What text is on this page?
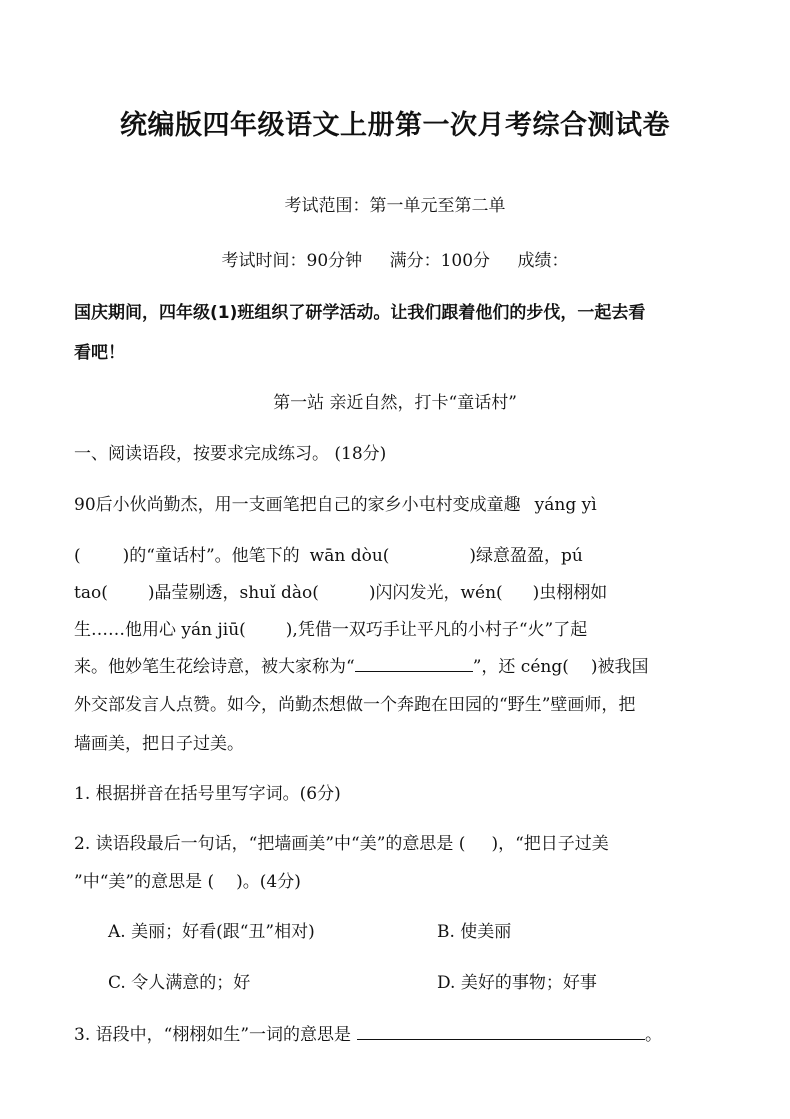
统编版四年级语文上册第一次月考综合测试卷
考试范围：第一单元至第二单
考试时间：90分钟 满分：100分 成绩：
国庆期间，四年级(1)班组织了研学活动。让我们跟着他们的步伐，一起去看
看吧！
第一站 亲近自然，打卡“童话村”
一、阅读语段，按要求完成练习。 (18分)
90后小伙尚勤杰，用一支画笔把自己的家乡小屯村变成童趣 yáng yì
( )的“童话村”。他笔下的 wān dòu(	)绿意盈盈，pú
tao( )晶莹剔透，shuǐ dào(	)闪闪发光，wén( )虫栩栩如
生……他用心 yán jiū( ),凭借一双巧手让平凡的小村子“火”了起
来。他妙笔生花绘诗意，被大家称为“	”，还 céng( )被我国
外交部发言人点赞。如今，尚勤杰想做一个奔跑在田园的“野生”壁画师，把
墙画美，把日子过美。
1. 根据拼音在括号里写字词。(6分)
2. 读语段最后一句话，“把墙画美”中“美”的意思是 ( )，“把日子过美
”中“美”的意思是 ( )。(4分)
A. 美丽；好看(跟“丑”相对)	B. 使美丽
C. 令人满意的；好	D. 美好的事物；好事
3. 语段中，“栩栩如生”一词的意思是	。
